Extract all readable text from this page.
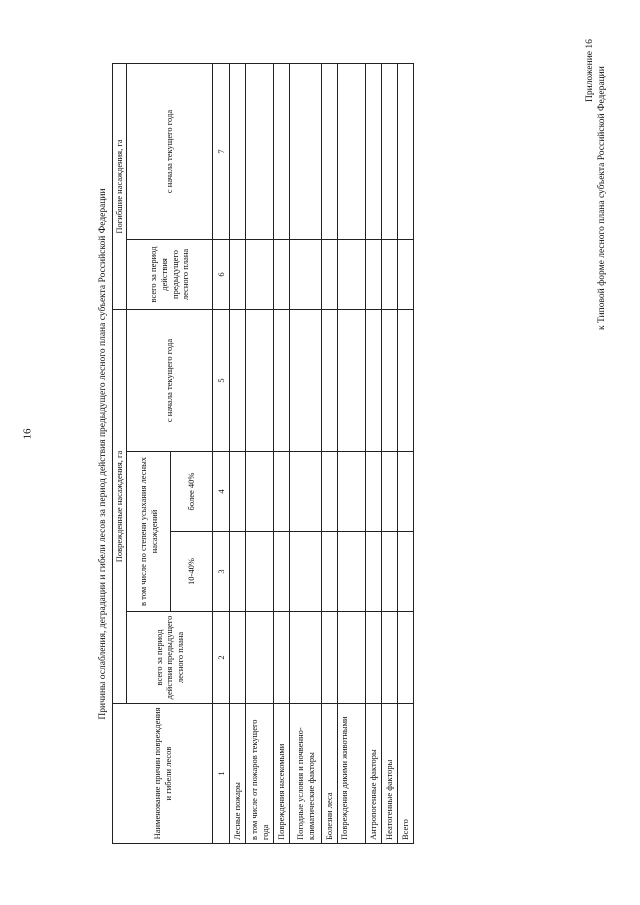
16
Приложение 16 к Типовой форме лесного плана субъекта Российской Федерации
Причины ослабления, деградации и гибели лесов за период действия предыдущего лесного плана субъекта Российской Федерации
Наименование причин повреждения и гибели лесов	Поврежденные насаждения, га				Погибшие насаждения, га	
	всего за период действия предыдущего лесного плана	в том числе по степени усыхания лесных насаждений		с начала текущего года	всего за период действия предыдущего лесного плана	с начала текущего года
		10-40%	более 40%			
1	2	3	4	5	6	7
Лесные пожары						
в том числе от пожаров текущего года						
Повреждения насекомыми						
Погодные условия и почвенно-климатические факторы						
Болезни леса						
Повреждения дикими животными						
Антропогенные факторы						
Неатогенные факторы						
Всего						
